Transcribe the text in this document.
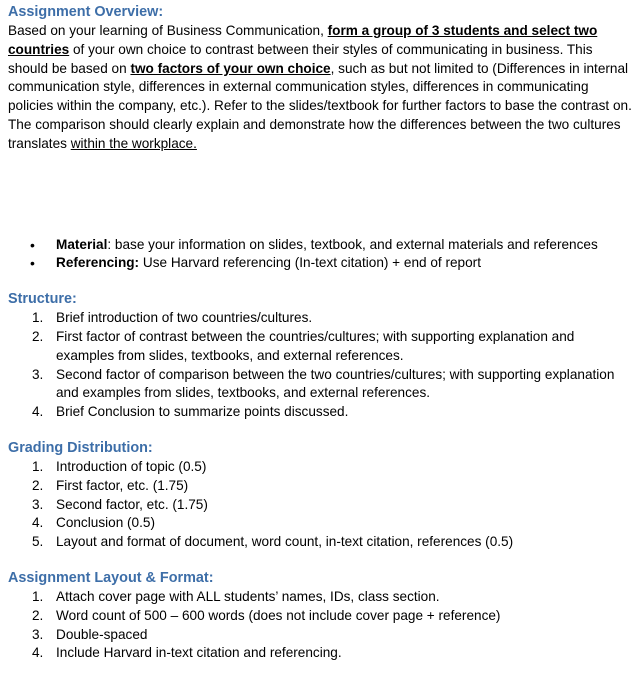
Assignment Overview:

Based on your learning of Business Communication, form a group of 3 students and select two countries of your own choice to contrast between their styles of communicating in business. This should be based on two factors of your own choice, such as but not limited to (Differences in internal communication style, differences in external communication styles, differences in communicating policies within the company, etc.). Refer to the slides/textbook for further factors to base the contrast on.

The comparison should clearly explain and demonstrate how the differences between the two cultures translates within the workplace.

• Material: base your information on slides, textbook, and external materials and references
• Referencing: Use Harvard referencing (In-text citation) + end of report
Structure:
1. Brief introduction of two countries/cultures.
2. First factor of contrast between the countries/cultures; with supporting explanation and examples from slides, textbooks, and external references.
3. Second factor of comparison between the two countries/cultures; with supporting explanation and examples from slides, textbooks, and external references.
4. Brief Conclusion to summarize points discussed.
Grading Distribution:
1. Introduction of topic (0.5)
2. First factor, etc. (1.75)
3. Second factor, etc. (1.75)
4. Conclusion (0.5)
5. Layout and format of document, word count, in-text citation, references (0.5)
Assignment Layout & Format:
1. Attach cover page with ALL students’ names, IDs, class section.
2. Word count of 500 – 600 words (does not include cover page + reference)
3. Double-spaced
4. Include Harvard in-text citation and referencing.
